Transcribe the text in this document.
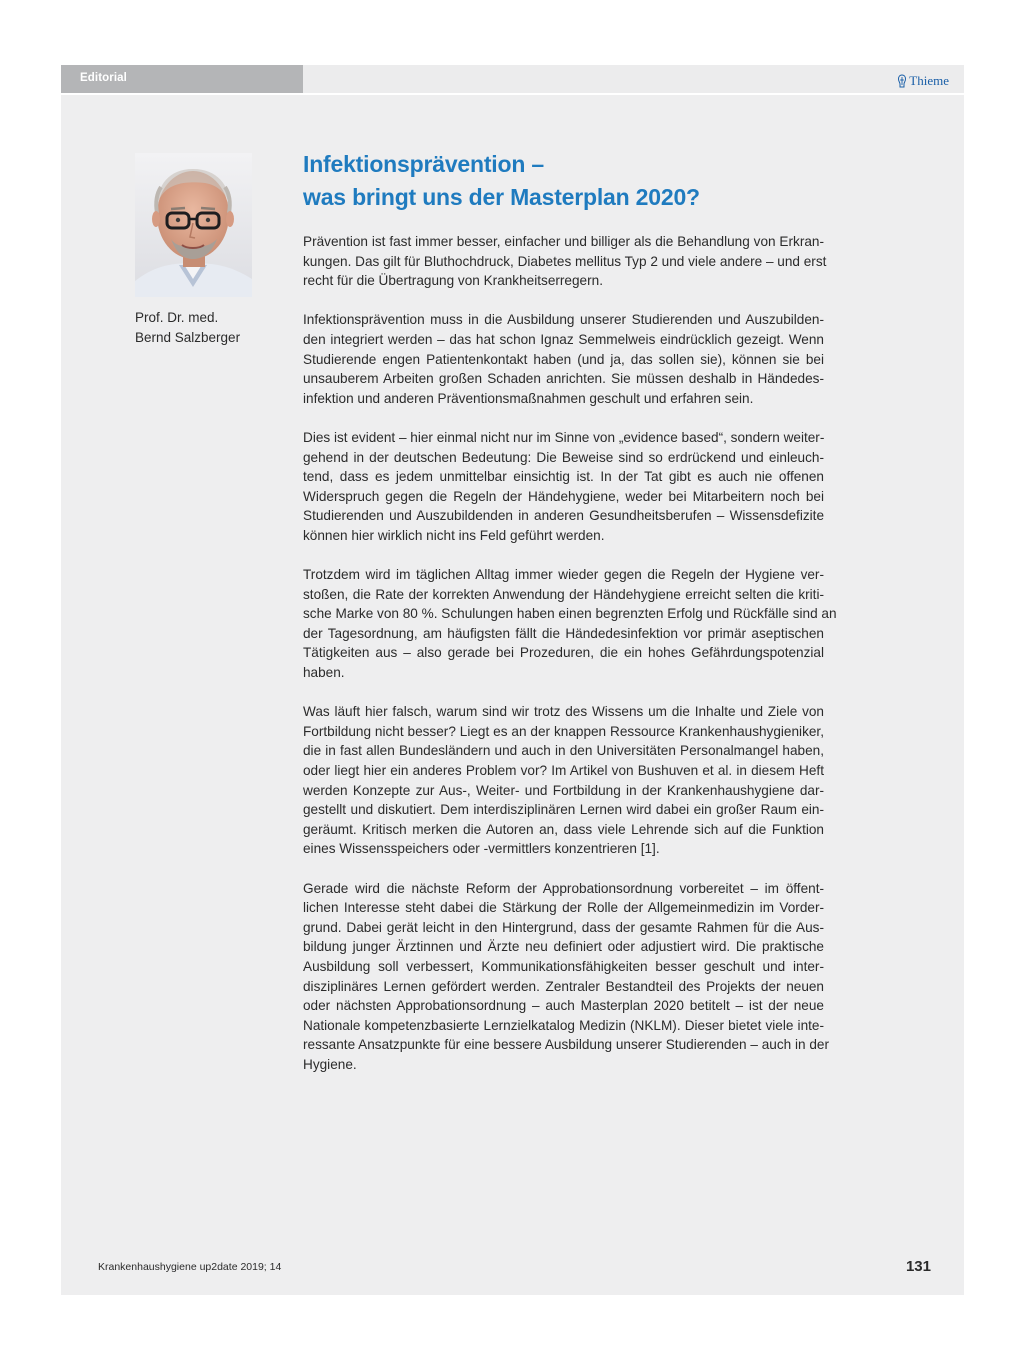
Editorial	Thieme
Prof. Dr. med.
Bernd Salzberger
Infektionsprävention –
was bringt uns der Masterplan 2020?
Prävention ist fast immer besser, einfacher und billiger als die Behandlung von Erkran-
kungen. Das gilt für Bluthochdruck, Diabetes mellitus Typ 2 und viele andere – und erst
recht für die Übertragung von Krankheitserregern.
Infektionsprävention muss in die Ausbildung unserer Studierenden und Auszubilden-
den integriert werden – das hat schon Ignaz Semmelweis eindrücklich gezeigt. Wenn
Studierende engen Patientenkontakt haben (und ja, das sollen sie), können sie bei
unsauberem Arbeiten großen Schaden anrichten. Sie müssen deshalb in Händedes-
infektion und anderen Präventionsmaßnahmen geschult und erfahren sein.
Dies ist evident – hier einmal nicht nur im Sinne von „evidence based“, sondern weiter-
gehend in der deutschen Bedeutung: Die Beweise sind so erdrückend und einleuch-
tend, dass es jedem unmittelbar einsichtig ist. In der Tat gibt es auch nie offenen
Widerspruch gegen die Regeln der Händehygiene, weder bei Mitarbeitern noch bei
Studierenden und Auszubildenden in anderen Gesundheitsberufen – Wissensdefizite
können hier wirklich nicht ins Feld geführt werden.
Trotzdem wird im täglichen Alltag immer wieder gegen die Regeln der Hygiene ver-
stoßen, die Rate der korrekten Anwendung der Händehygiene erreicht selten die kriti-
sche Marke von 80 %. Schulungen haben einen begrenzten Erfolg und Rückfälle sind an
der Tagesordnung, am häufigsten fällt die Händedesinfektion vor primär aseptischen
Tätigkeiten aus – also gerade bei Prozeduren, die ein hohes Gefährdungspotenzial
haben.
Was läuft hier falsch, warum sind wir trotz des Wissens um die Inhalte und Ziele von
Fortbildung nicht besser? Liegt es an der knappen Ressource Krankenhaushygieniker,
die in fast allen Bundesländern und auch in den Universitäten Personalmangel haben,
oder liegt hier ein anderes Problem vor? Im Artikel von Bushuven et al. in diesem Heft
werden Konzepte zur Aus-, Weiter- und Fortbildung in der Krankenhaushygiene dar-
gestellt und diskutiert. Dem interdisziplinären Lernen wird dabei ein großer Raum ein-
geräumt. Kritisch merken die Autoren an, dass viele Lehrende sich auf die Funktion
eines Wissensspeichers oder -vermittlers konzentrieren [1].
Gerade wird die nächste Reform der Approbationsordnung vorbereitet – im öffent-
lichen Interesse steht dabei die Stärkung der Rolle der Allgemeinmedizin im Vorder-
grund. Dabei gerät leicht in den Hintergrund, dass der gesamte Rahmen für die Aus-
bildung junger Ärztinnen und Ärzte neu definiert oder adjustiert wird. Die praktische
Ausbildung soll verbessert, Kommunikationsfähigkeiten besser geschult und inter-
disziplinäres Lernen gefördert werden. Zentraler Bestandteil des Projekts der neuen
oder nächsten Approbationsordnung – auch Masterplan 2020 betitelt – ist der neue
Nationale kompetenzbasierte Lernzielkatalog Medizin (NKLM). Dieser bietet viele inte-
ressante Ansatzpunkte für eine bessere Ausbildung unserer Studierenden – auch in der
Hygiene.
Krankenhaushygiene up2date 2019; 14	131
